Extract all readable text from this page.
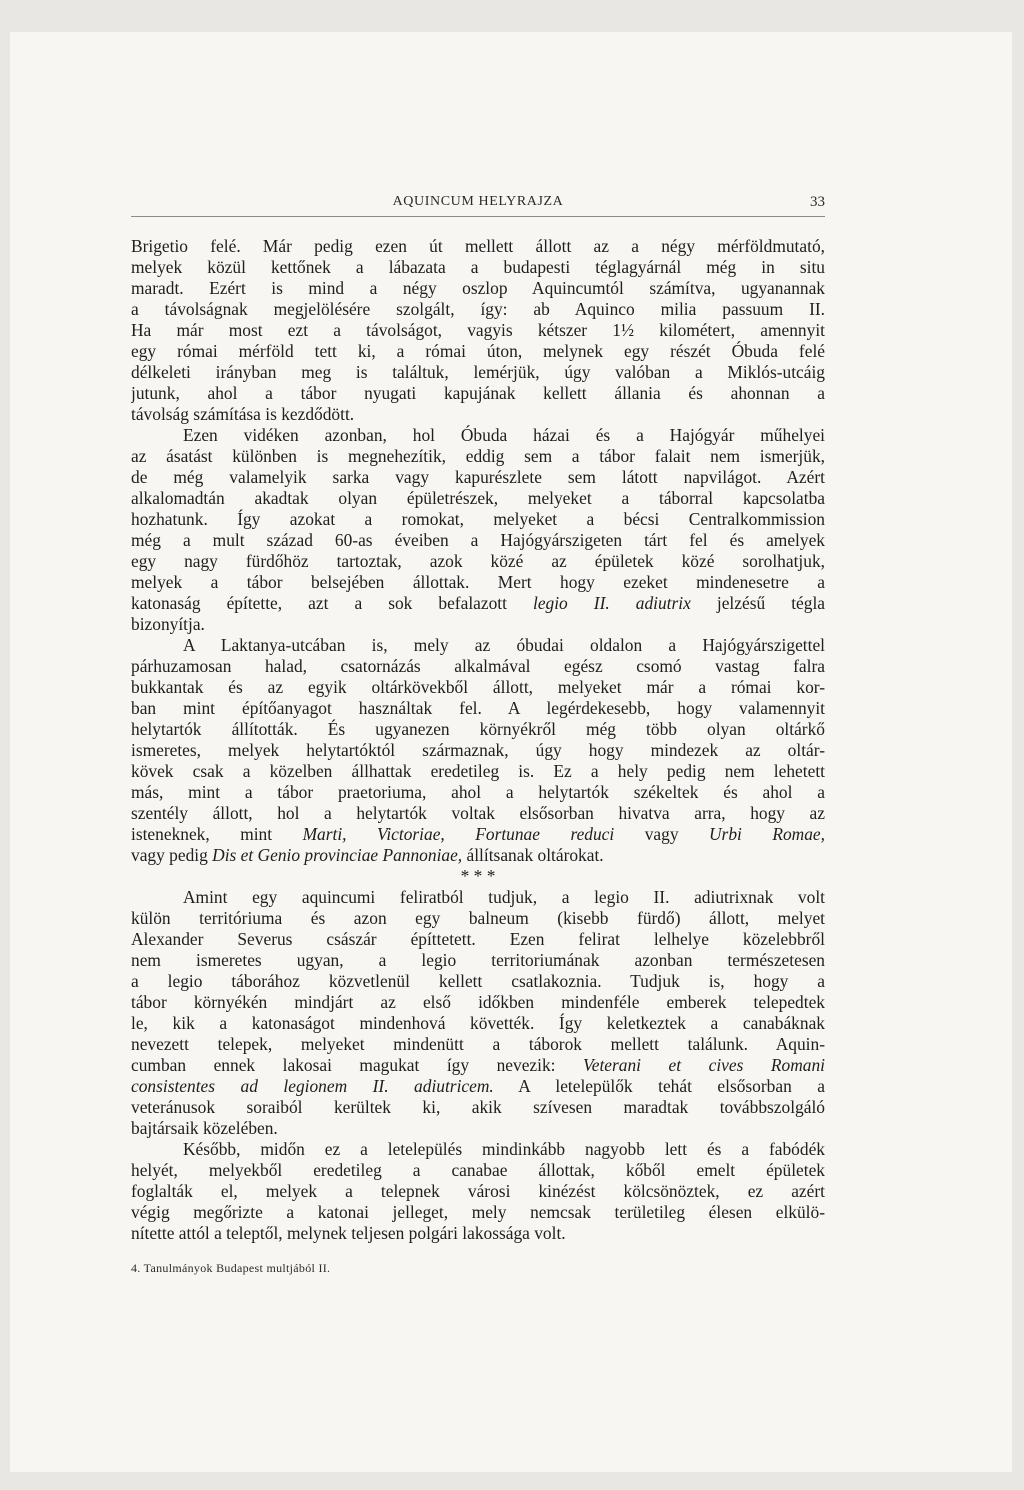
AQUINCUM HELYRAJZA	33
Brigetio felé. Már pedig ezen út mellett állott az a négy mérföldmutató,
melyek közül kettőnek a lábazata a budapesti téglagyárnál még in situ
maradt. Ezért is mind a négy oszlop Aquincumtól számítva, ugyanannak
a távolságnak megjelölésére szolgált, így: ab Aquinco milia passuum II.
Ha már most ezt a távolságot, vagyis kétszer 1½ kilométert, amennyit
egy római mérföld tett ki, a római úton, melynek egy részét Óbuda felé
délkeleti irányban meg is találtuk, lemérjük, úgy valóban a Miklós-utcáig
jutunk, ahol a tábor nyugati kapujának kellett állania és ahonnan a
távolság számítása is kezdődött.
Ezen vidéken azonban, hol Óbuda házai és a Hajógyár műhelyei
az ásatást különben is megnehezítik, eddig sem a tábor falait nem ismerjük,
de még valamelyik sarka vagy kapurészlete sem látott napvilágot. Azért
alkalomadtán akadtak olyan épületrészek, melyeket a táborral kapcsolatba
hozhatunk. Így azokat a romokat, melyeket a bécsi Centralkommission
még a mult század 60-as éveiben a Hajógyárszigeten tárt fel és amelyek
egy nagy fürdőhöz tartoztak, azok közé az épületek közé sorolhatjuk,
melyek a tábor belsejében állottak. Mert hogy ezeket mindenesetre a
katonaság építette, azt a sok befalazott legio II. adiutrix jelzésű tégla
bizonyítja.
A Laktanya-utcában is, mely az óbudai oldalon a Hajógyárszigettel
párhuzamosan halad, csatornázás alkalmával egész csomó vastag falra
bukkantak és az egyik oltárkövekből állott, melyeket már a római kor-
ban mint építőanyagot használtak fel. A legérdekesebb, hogy valamennyit
helytartók állították. És ugyanezen környékről még több olyan oltárkő
ismeretes, melyek helytartóktól származnak, úgy hogy mindezek az oltár-
kövek csak a közelben állhattak eredetileg is. Ez a hely pedig nem lehetett
más, mint a tábor praetoriuma, ahol a helytartók székeltek és ahol a
szentély állott, hol a helytartók voltak elsősorban hivatva arra, hogy az
isteneknek, mint Marti, Victoriae, Fortunae reduci vagy Urbi Romae,
vagy pedig Dis et Genio provinciae Pannoniae, állítsanak oltárokat.
* * *
Amint egy aquincumi feliratból tudjuk, a legio II. adiutrixnak volt
külön territóriuma és azon egy balneum (kisebb fürdő) állott, melyet
Alexander Severus császár építtetett. Ezen felirat lelhelye közelebbről
nem ismeretes ugyan, a legio territoriumának azonban természetesen
a legio táborához közvetlenül kellett csatlakoznia. Tudjuk is, hogy a
tábor környékén mindjárt az első időkben mindenféle emberek telepedtek
le, kik a katonaságot mindenhová követték. Így keletkeztek a canabáknak
nevezett telepek, melyeket mindenütt a táborok mellett találunk. Aquin-
cumban ennek lakosai magukat így nevezik: Veterani et cives Romani
consistentes ad legionem II. adiutricem. A letelepülők tehát elsősorban a
veteránusok soraiból kerültek ki, akik szívesen maradtak továbbszolgáló
bajtársaik közelében.
Később, midőn ez a letelepülés mindinkább nagyobb lett és a fabódék
helyét, melyekből eredetileg a canabae állottak, kőből emelt épületek
foglalták el, melyek a telepnek városi kinézést kölcsönöztek, ez azért
végig megőrizte a katonai jelleget, mely nemcsak területileg élesen elkülö-
nítette attól a teleptől, melynek teljesen polgári lakossága volt.
4. Tanulmányok Budapest multjából II.
